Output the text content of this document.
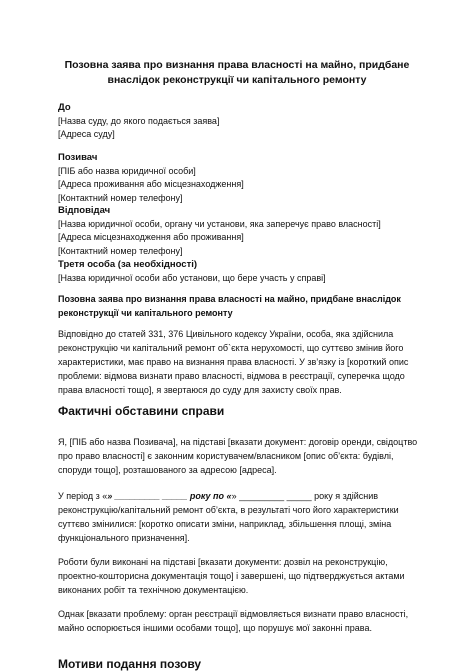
Позовна заява про визнання права власності на майно, придбане
внаслідок реконструкції чи капітального ремонту
До
[Назва суду, до якого подається заява]
[Адреса суду]
Позивач
[ПІБ або назва юридичної особи]
[Адреса проживання або місцезнаходження]
[Контактний номер телефону]
Відповідач
[Назва юридичної особи, органу чи установи, яка заперечує право власності]
[Адреса місцезнаходження або проживання]
[Контактний номер телефону]
Третя особа (за необхідності)
[Назва юридичної особи або установи, що бере участь у справі]

Позовна заява про визнання права власності на майно, придбане внаслідок
реконструкції чи капітального ремонту

Відповідно до статей 331, 376 Цивільного кодексу України, особа, яка здійснила
реконструкцію чи капітальний ремонт об`єкта нерухомості, що суттєво змінив його
характеристики, має право на визнання права власності. У зв’язку із [короткий опис
проблеми: відмова визнати право власності, відмова в реєстрації, суперечка щодо
права власності тощо], я звертаюся до суду для захисту своїх прав.

Фактичні обставини справи

Я, [ПІБ або назва Позивача], на підставі [вказати документ: договір оренди, свідоцтво
про право власності] є законним користувачем/власником [опис об’єкта: будівлі,
споруди тощо], розташованого за адресою [адреса].

У період з «» _________ _____ року по «» _________ _____ року я здійснив
реконструкцію/капітальний ремонт об’єкта, в результаті чого його характеристики
суттєво змінилися: [коротко описати зміни, наприклад, збільшення площі, зміна
функціонального призначення].

Роботи були виконані на підставі [вказати документи: дозвіл на реконструкцію,
проектно-кошторисна документація тощо] і завершені, що підтверджується актами
виконаних робіт та технічною документацією.

Однак [вказати проблему: орган реєстрації відмовляється визнати право власності,
майно оспорюється іншими особами тощо], що порушує мої законні права.

Мотиви подання позову
